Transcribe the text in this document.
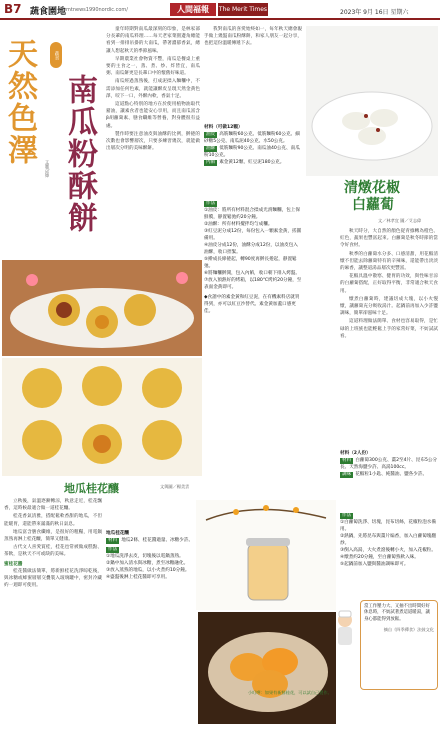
B7 蔬食園地 mtnews1990nordic.com/	人間福報	The Merit Times	2023年 9月 16日 星期六
天然色澤	蔬食
南瓜粉酥餅
文圖/邱燁

童年時期對南瓜最深刻的印象，是林家部分長輩的南瓜料理……每天老家菜園邊角總能看到一排排吊掛的大南瓜，帶著濃郁香氣，總讓人想起秋天的季節風味。

早期農業社會物資不豐，南瓜是餐桌上重要的主食之一，蒸、煮、炒、炸皆宜，南瓜粥、南瓜餅更是長輩口中的懷舊好味道。

南瓜經過蒸熟後，打成泥揉入麵糰中，不需添加任何色素，就能讓酥皮呈現天然金黃色澤，咬下一口，外酥內軟，香氣十足。

這道點心特別的地方在於使用植物油取代豬油，讓素食者也能安心享用，而且南瓜富含β胡蘿蔔素、膳食纖維等營養，對身體很有益處。

製作時要注意油皮與油酥的比例，擀捲的次數也會影響層次，只要多練習幾次，就能做出層次分明的美味酥餅。

我對南瓜的喜愛始終如一，每年秋天總會親手做上幾盤南瓜粉酥餅，和家人朋友一起分享，也把這份溫暖傳遞下去。

材料（可做12顆）
油皮 高筋麵粉60公克、低筋麵粉60公克、細砂糖5公克、南瓜泥40公克、水50公克。
油酥 低筋麵粉90公克、南瓜油40公克、南瓜粉10公克。
內餡 素金黃12顆、紅豆泥180公克。
作法
①油皮：將所有材料混合揉成光滑麵糰，包上保鮮膜，靜置鬆弛約20分鐘。
②油酥：所有材料攪拌均勻成糰。
③紅豆泥分成12份，每份包入一顆素金黃，搓圓備用。
④油皮分成12份，油酥分成12份，以油皮包入油酥，收口捏緊。
⑤擀成長條捲起，轉90度再擀長捲起，靜置鬆弛。
⑥將麵糰擀開，包入內餡，收口朝下排入烤盤。
⑦放入預熱好的烤箱，以180℃烤約20分鐘，至表面金黃即可。
◆食譜中的素金黃和紅豆泥，在有機素料店就買得到，亦可以紅豆沙替代。素金黃加蓋口感更佳。
清燉花椒
白蘿蔔
文／林孝宜 圖／艾志偉

秋天時分，大自然的顏色從青綠轉為橙色、紅色，蔬果也豐富起來。白蘿蔔是秋冬時節的當令好食材。

秋季的白蘿蔔水分多、口感清甜，用花椒清燉不但能去除蘿蔔特有的辛辣味，還能帶出淡淡的麻香，讓整道湯品層次更豐富。

花椒具溫中散寒、健胃的功效，與性味甘涼的白蘿蔔搭配，正好取得平衡，非常適合秋天食用。

燉煮白蘿蔔時，建議切成大塊，以小火慢燉，讓蘿蔔充分吸收湯汁。起鍋前再加入少許鹽調味，簡單卻滋味十足。

這道料理做法簡單、食材也容易取得，是忙碌的上班族也能輕鬆上手的家常好菜，不妨試試看。

材料（2人份）
材料 白蘿蔔300公克、薑2至4片、昆布5公分長、天然海鹽少許、高湯100cc。
調味 花椒粒1小匙、純醬油、鹽各少許。
作法
①白蘿蔔洗淨、切塊，昆布切絲，花椒粒泡水備用。
②熱鍋，先將昆布與薑片煸香，加入白蘿蔔塊翻炒。
③倒入高湯，大火煮滾後轉小火，加入花椒粒。
④燉煮約20分鐘，至白蘿蔔熟軟入味。
⑤起鍋前加入鹽與醬油調味即可。
當工作壓力大、又抽不出時間好好休息時，不妨試著煮這道暖湯，讓身心都能得到放鬆。
摘自《四季禪食》法鼓文化
地瓜桂花釀	文與圖／楊美雲

立秋後，氣溫逐漸轉涼，秋意走近，桂花飄香，這時候最適合做一道桂花釀。

桂花香氣清雅，搭配鬆軟香甜的地瓜，不但能暖胃，還能帶來滿滿的秋日氣息。

地瓜富含膳食纖維，是很好的粗糧，用電鍋蒸熟再淋上桂花釀，簡單又健康。

古代文人喜愛賞桂，桂花也常被做成糕點、茶飲，是秋天不可或缺的美味。

蜜桂花醬

桂花醬做法簡單，將新鮮桂花洗淨晾乾後，與冰糖或蜂蜜層層交疊裝入玻璃罐中，密封冷藏約一週即可使用。

地瓜桂花釀
材料 地瓜2條、桂花醬適量、冰糖少許。
作法
①地瓜洗淨去皮，切塊後以電鍋蒸熟。
②鍋中加入清水與冰糖，煮至冰糖融化。
③放入蒸熟的地瓜，以小火煮約10分鐘。
④盛盤後淋上桂花醬即可享用。
小叮嚀：如果有新鮮桂花，可以試自己製作。
